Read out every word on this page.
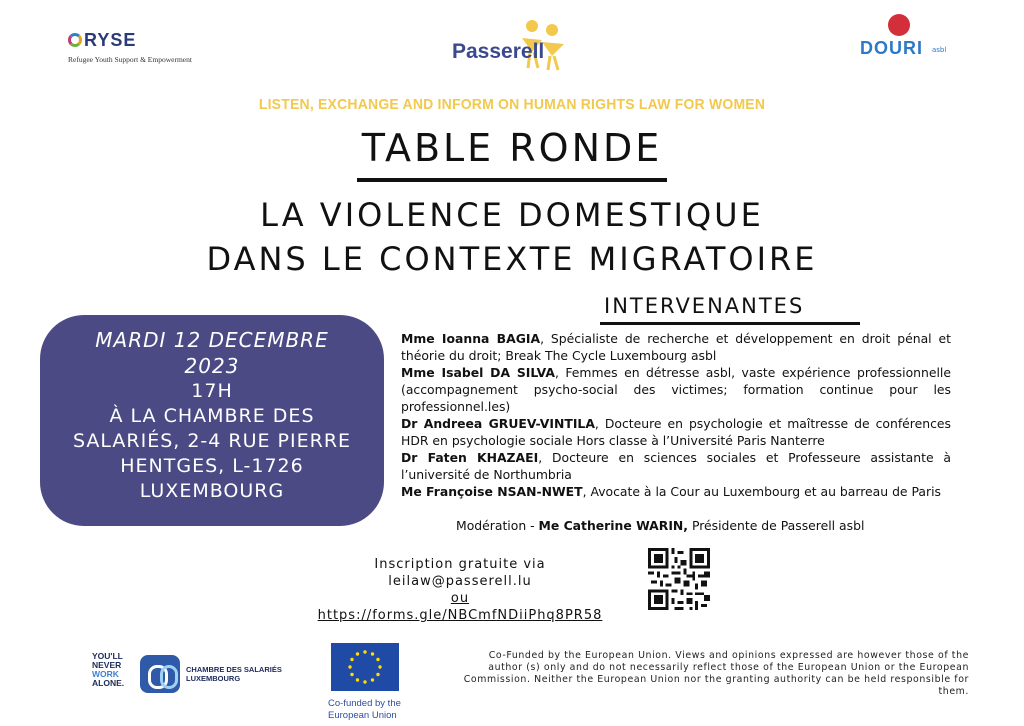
RYSE
Refugee Youth Support & Empowerment	Passerell	DOURI asbl
LISTEN, EXCHANGE AND INFORM ON HUMAN RIGHTS LAW FOR WOMEN
TABLE RONDE
LA VIOLENCE DOMESTIQUE
DANS LE CONTEXTE MIGRATOIRE
INTERVENANTES
MARDI 12 DECEMBRE
2023
17H
À LA CHAMBRE DES
SALARIÉS, 2-4 RUE PIERRE
HENTGES, L-1726
LUXEMBOURG

Mme Ioanna BAGIA, Spécialiste de recherche et développement en droit pénal et théorie du droit; Break The Cycle Luxembourg asbl

Mme Isabel DA SILVA, Femmes en détresse asbl, vaste expérience professionnelle (accompagnement psycho-social des victimes; formation continue pour les professionnel.les)

Dr Andreea GRUEV-VINTILA, Docteure en psychologie et maîtresse de conférences HDR en psychologie sociale Hors classe à l’Université Paris Nanterre

Dr Faten KHAZAEI, Docteure en sciences sociales et Professeure assistante à l’université de Northumbria

Me Françoise NSAN-NWET, Avocate à la Cour au Luxembourg et au barreau de Paris

Modération - Me Catherine WARIN, Présidente de Passerell asbl
Inscription gratuite via
leilaw@passerell.lu
ou
https://forms.gle/NBCmfNDiiPhq8PR58
YOU'LL
NEVER
WORK
ALONE.
CHAMBRE DES SALARIÉS
LUXEMBOURG
Co-funded by the
European Union
Co-Funded by the European Union. Views and opinions expressed are however those of the author (s) only and do not necessarily reflect those of the European Union or the European Commission. Neither the European Union nor the granting authority can be held responsible for them.
